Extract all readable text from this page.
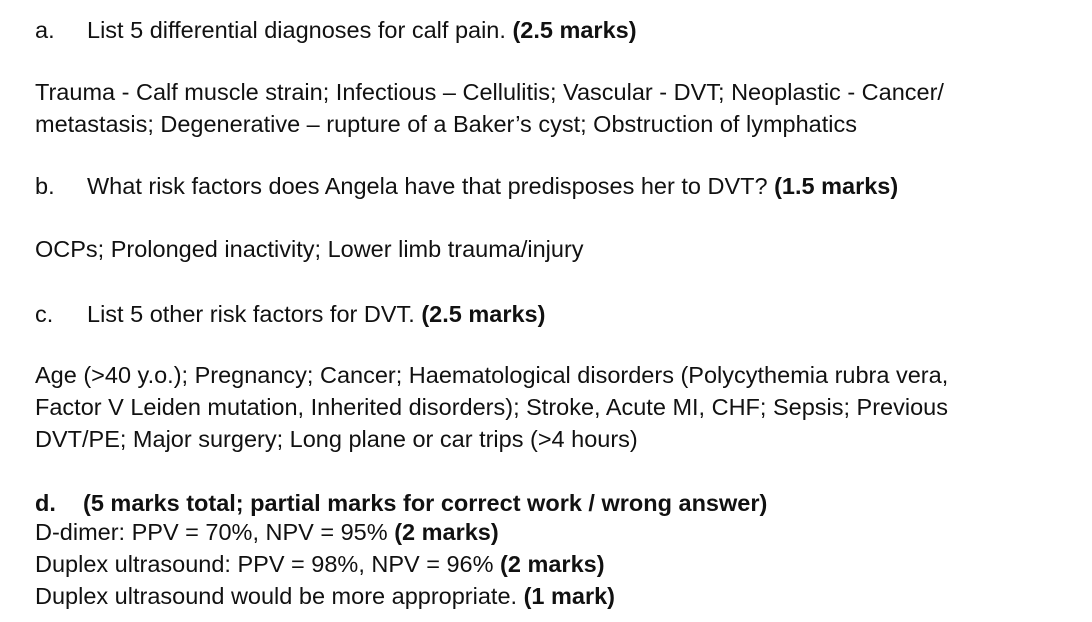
a. List 5 differential diagnoses for calf pain. (2.5 marks)
Trauma - Calf muscle strain; Infectious – Cellulitis; Vascular - DVT; Neoplastic - Cancer/
metastasis; Degenerative – rupture of a Baker’s cyst; Obstruction of lymphatics
b. What risk factors does Angela have that predisposes her to DVT? (1.5 marks)
OCPs; Prolonged inactivity; Lower limb trauma/injury
c. List 5 other risk factors for DVT. (2.5 marks)
Age (>40 y.o.); Pregnancy; Cancer; Haematological disorders (Polycythemia rubra vera,
Factor V Leiden mutation, Inherited disorders); Stroke, Acute MI, CHF; Sepsis; Previous
DVT/PE; Major surgery; Long plane or car trips (>4 hours)
d. (5 marks total; partial marks for correct work / wrong answer)
D-dimer: PPV = 70%, NPV = 95% (2 marks)
Duplex ultrasound: PPV = 98%, NPV = 96% (2 marks)
Duplex ultrasound would be more appropriate. (1 mark)
